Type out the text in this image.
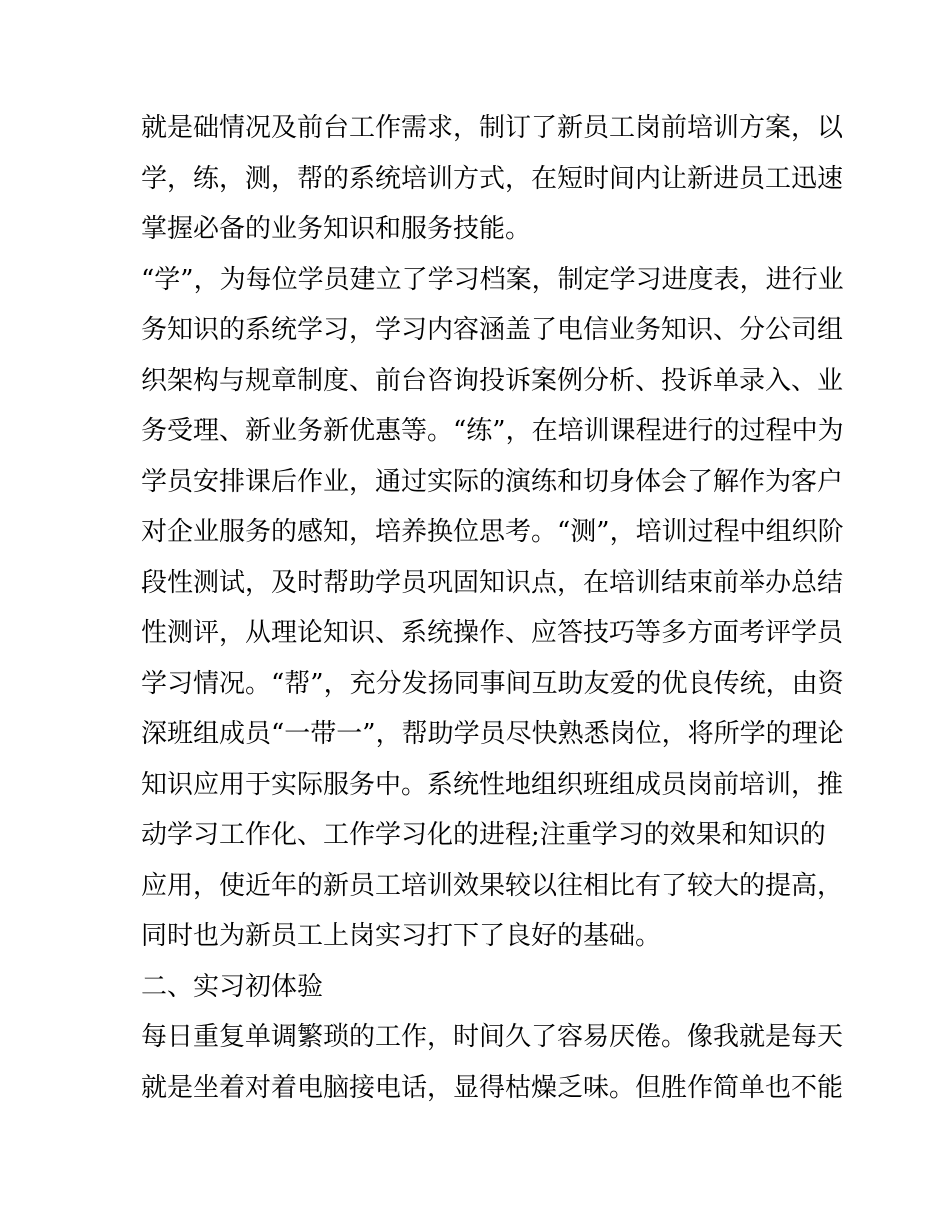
就是础情况及前台工作需求，制订了新员工岗前培训方案，以
学，练，测，帮的系统培训方式，在短时间内让新进员工迅速
掌握必备的业务知识和服务技能。
“学”，为每位学员建立了学习档案，制定学习进度表，进行业
务知识的系统学习，学习内容涵盖了电信业务知识、分公司组
织架构与规章制度、前台咨询投诉案例分析、投诉单录入、业
务受理、新业务新优惠等。“练”，在培训课程进行的过程中为
学员安排课后作业，通过实际的演练和切身体会了解作为客户
对企业服务的感知，培养换位思考。“测”，培训过程中组织阶
段性测试，及时帮助学员巩固知识点，在培训结束前举办总结
性测评，从理论知识、系统操作、应答技巧等多方面考评学员
学习情况。“帮”，充分发扬同事间互助友爱的优良传统，由资
深班组成员“一带一”，帮助学员尽快熟悉岗位，将所学的理论
知识应用于实际服务中。系统性地组织班组成员岗前培训，推
动学习工作化、工作学习化的进程;注重学习的效果和知识的
应用，使近年的新员工培训效果较以往相比有了较大的提高，
同时也为新员工上岗实习打下了良好的基础。
二、实习初体验
每日重复单调繁琐的工作，时间久了容易厌倦。像我就是每天
就是坐着对着电脑接电话，显得枯燥乏味。但胜作简单也不能
